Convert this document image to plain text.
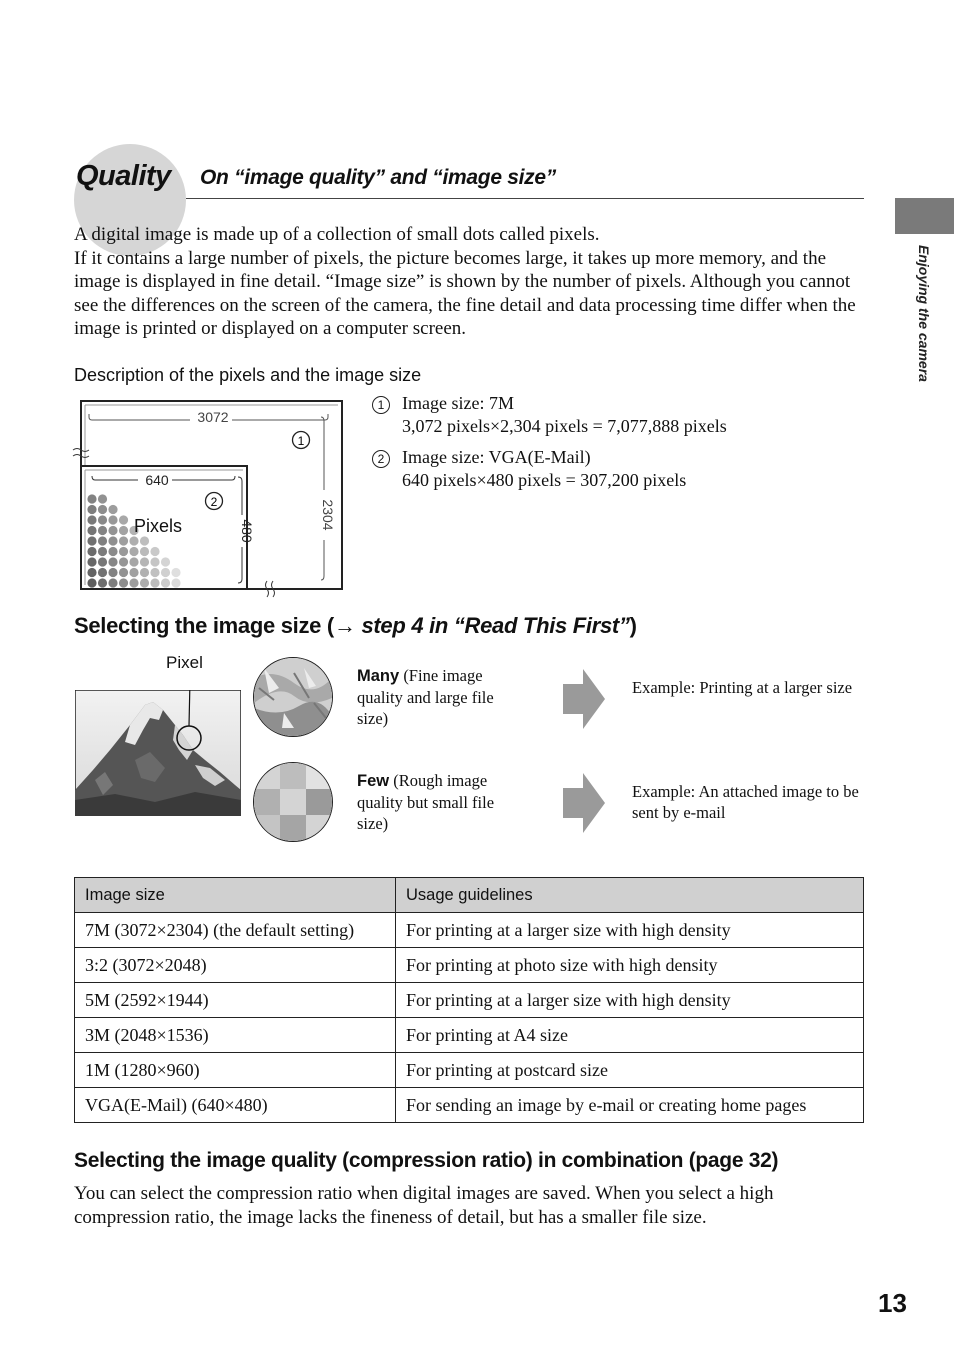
Quality On “image quality” and “image size”
Enjoying the camera

A digital image is made up of a collection of small dots called pixels.

If it contains a large number of pixels, the picture becomes large, it takes up more memory, and the image is displayed in fine detail. “Image size” is shown by the number of pixels. Although you cannot see the differences on the screen of the camera, the fine detail and data processing time differ when the image is printed or displayed on a computer screen.

Description of the pixels and the image size
3072
2304
1
640
480
2
Pixels
1 Image size: 7M
3,072 pixels×2,304 pixels = 7,077,888 pixels
2 Image size: VGA(E-Mail)
640 pixels×480 pixels = 307,200 pixels
Selecting the image size (→ step 4 in “Read This First”)
Pixel
Many (Fine image quality and large file size)
Few (Rough image quality but small file size)
Example: Printing at a larger size
Example: An attached image to be sent by e-mail
Image size	Usage guidelines
7M (3072×2304) (the default setting)	For printing at a larger size with high density
3:2 (3072×2048)	For printing at photo size with high density
5M (2592×1944)	For printing at a larger size with high density
3M (2048×1536)	For printing at A4 size
1M (1280×960)	For printing at postcard size
VGA(E-Mail) (640×480)	For sending an image by e-mail or creating home pages
Selecting the image quality (compression ratio) in combination (page 32)

You can select the compression ratio when digital images are saved. When you select a high compression ratio, the image lacks the fineness of detail, but has a smaller file size.

13
